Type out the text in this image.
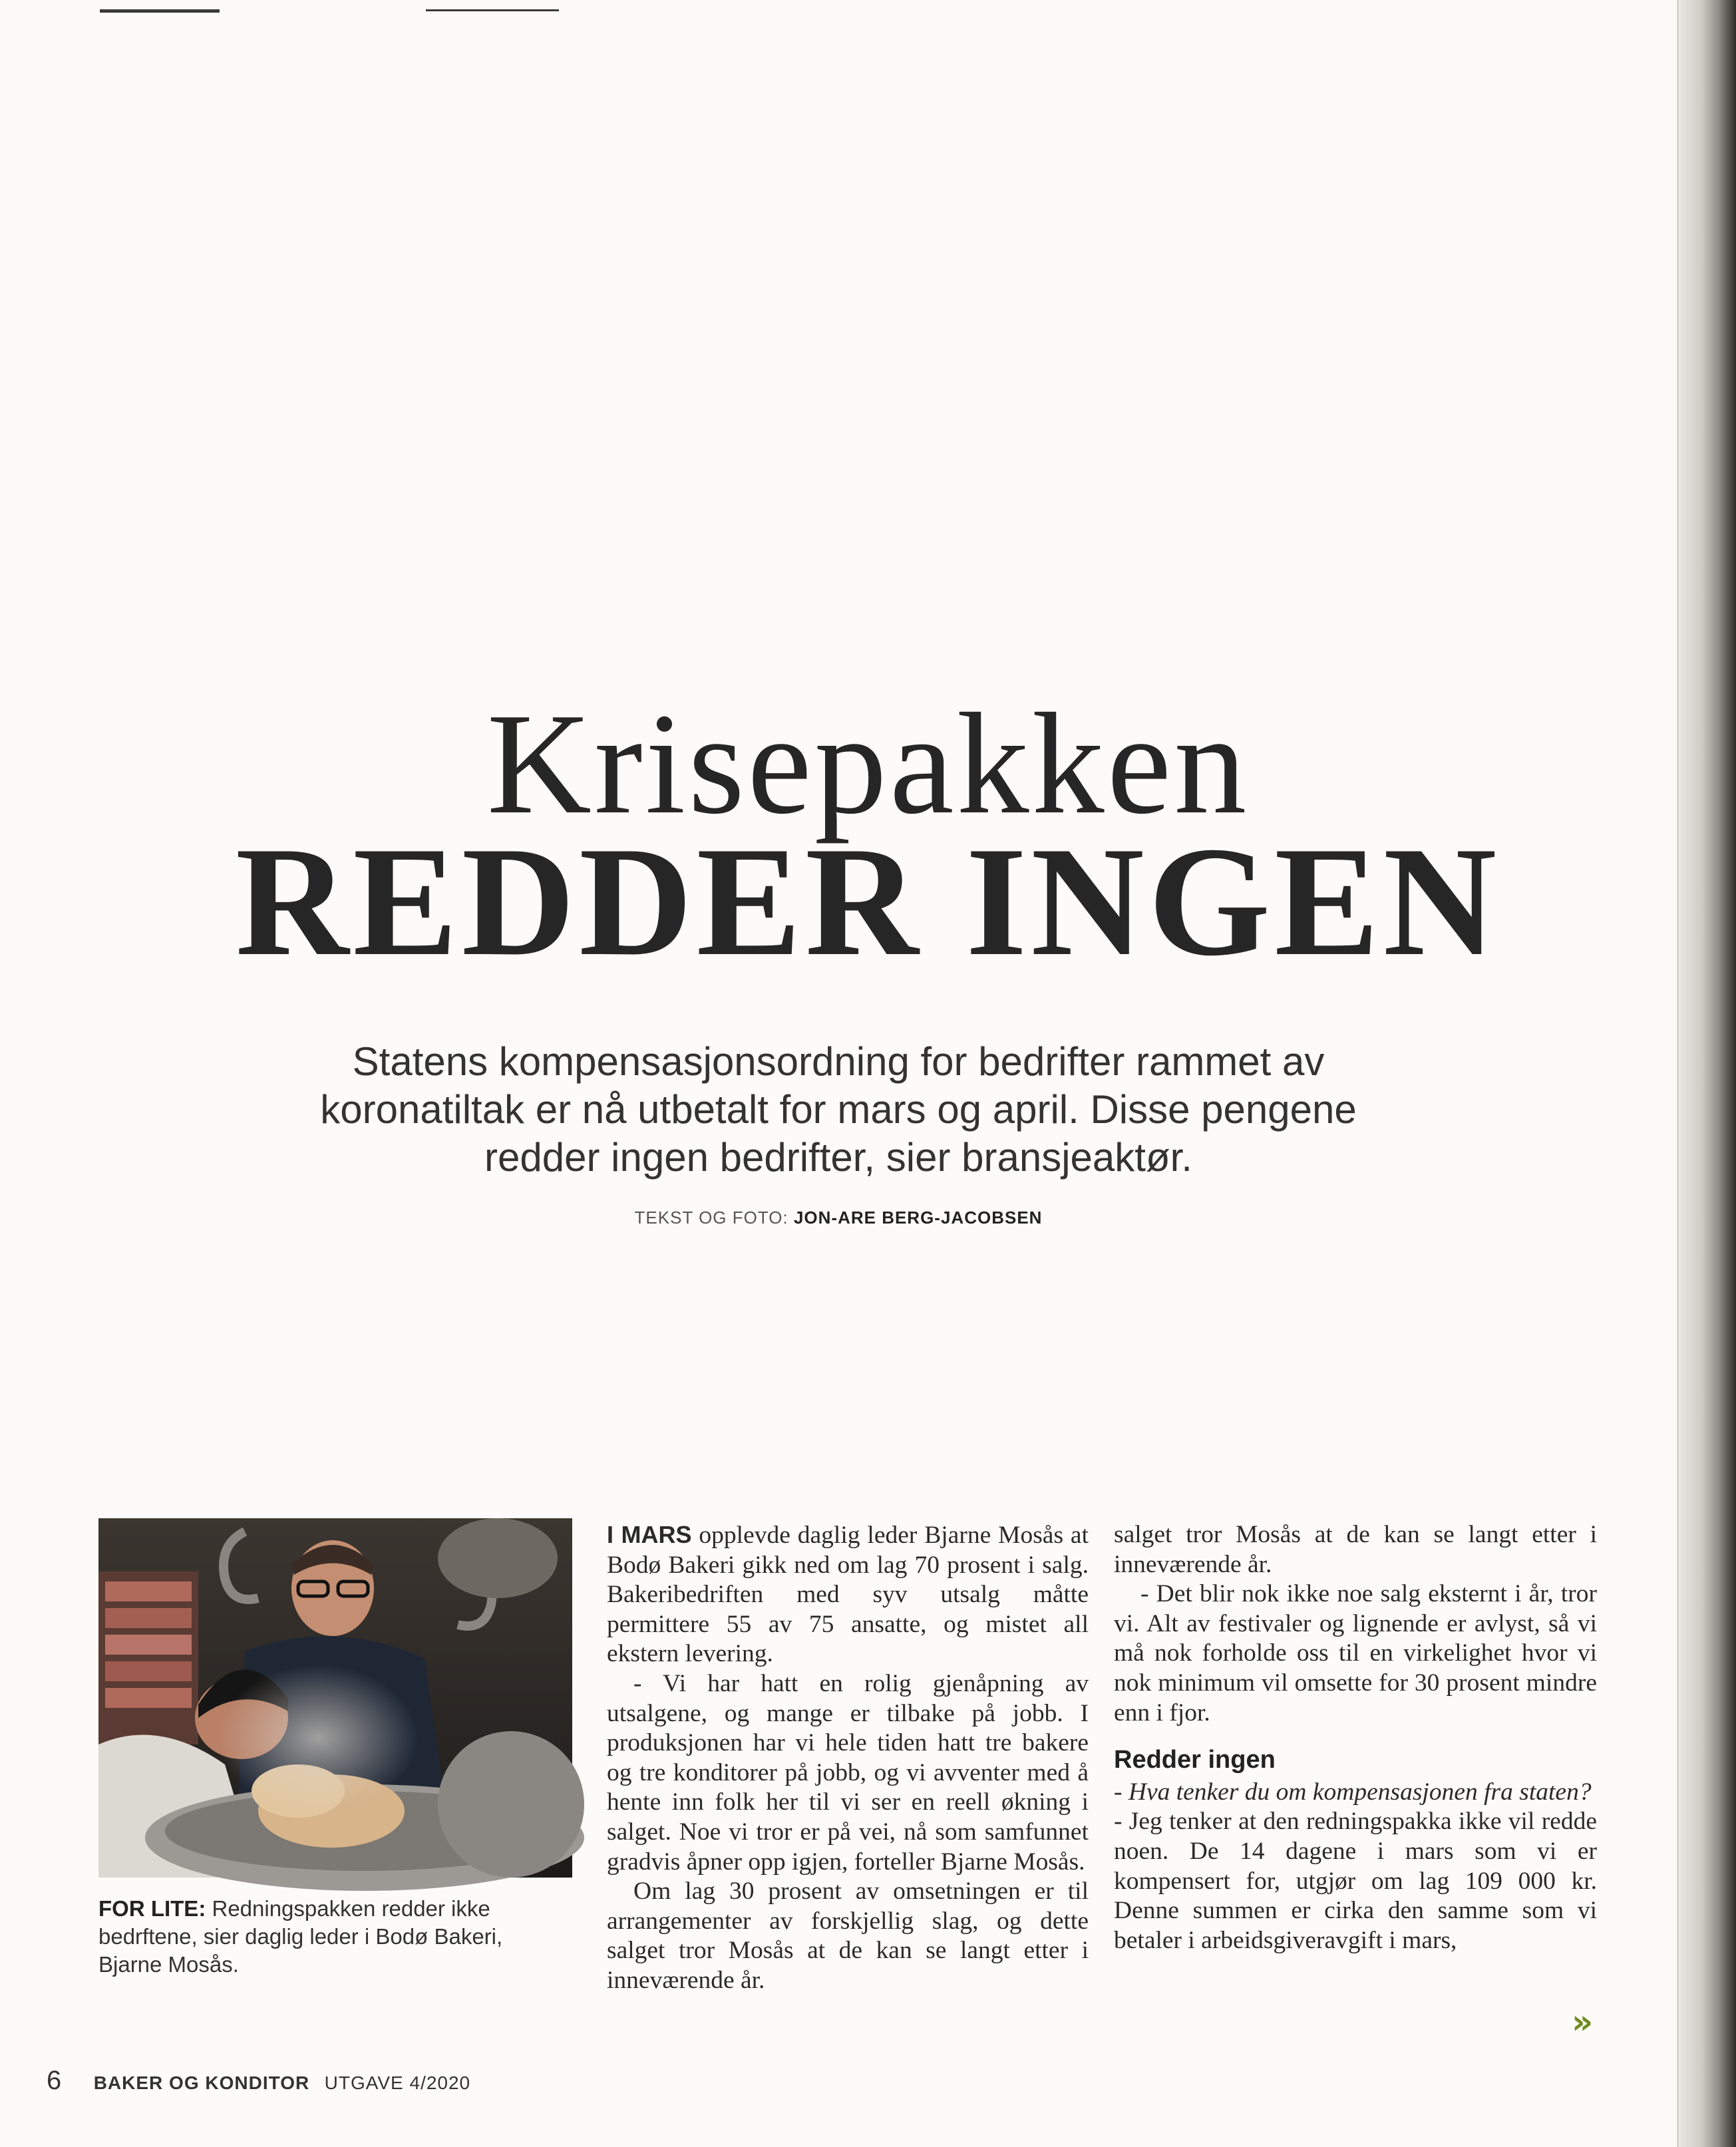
Krisepakken
REDDER INGEN
Statens kompensasjonsordning for bedrifter rammet av koronatiltak er nå utbetalt for mars og april. Disse pengene redder ingen bedrifter, sier bransjeaktør.
TEKST OG FOTO: JON-ARE BERG-JACOBSEN
FOR LITE: Redningspakken redder ikke bedrftene, sier daglig leder i Bodø Bakeri, Bjarne Mosås.

I MARS opplevde daglig leder Bjarne Mosås at Bodø Bakeri gikk ned om lag 70 prosent i salg. Bakeribedriften med syv utsalg måtte permittere 55 av 75 ansatte, og mistet all ekstern levering.

- Vi har hatt en rolig gjenåpning av utsalgene, og mange er tilbake på jobb. I produksjonen har vi hele tiden hatt tre bakere og tre konditorer på jobb, og vi avventer med å hente inn folk her til vi ser en reell økning i salget. Noe vi tror er på vei, nå som samfunnet gradvis åpner opp igjen, forteller Bjarne Mosås.

Om lag 30 prosent av omsetningen er til arrangementer av forskjellig slag, og dette salget tror Mosås at de kan se langt etter i inneværende år.

salget tror Mosås at de kan se langt etter i inneværende år.

- Det blir nok ikke noe salg eksternt i år, tror vi. Alt av festivaler og lignende er avlyst, så vi må nok forholde oss til en virkelighet hvor vi nok minimum vil omsette for 30 prosent mindre enn i fjor.

Redder ingen

- Hva tenker du om kompensasjonen fra staten?

- Jeg tenker at den redningspakka ikke vil redde noen. De 14 dagene i mars som vi er kompensert for, utgjør om lag 109 000 kr. Denne summen er cirka den samme som vi betaler i arbeidsgiveravgift i mars,

»
6 BAKER OG KONDITOR UTGAVE 4/2020
